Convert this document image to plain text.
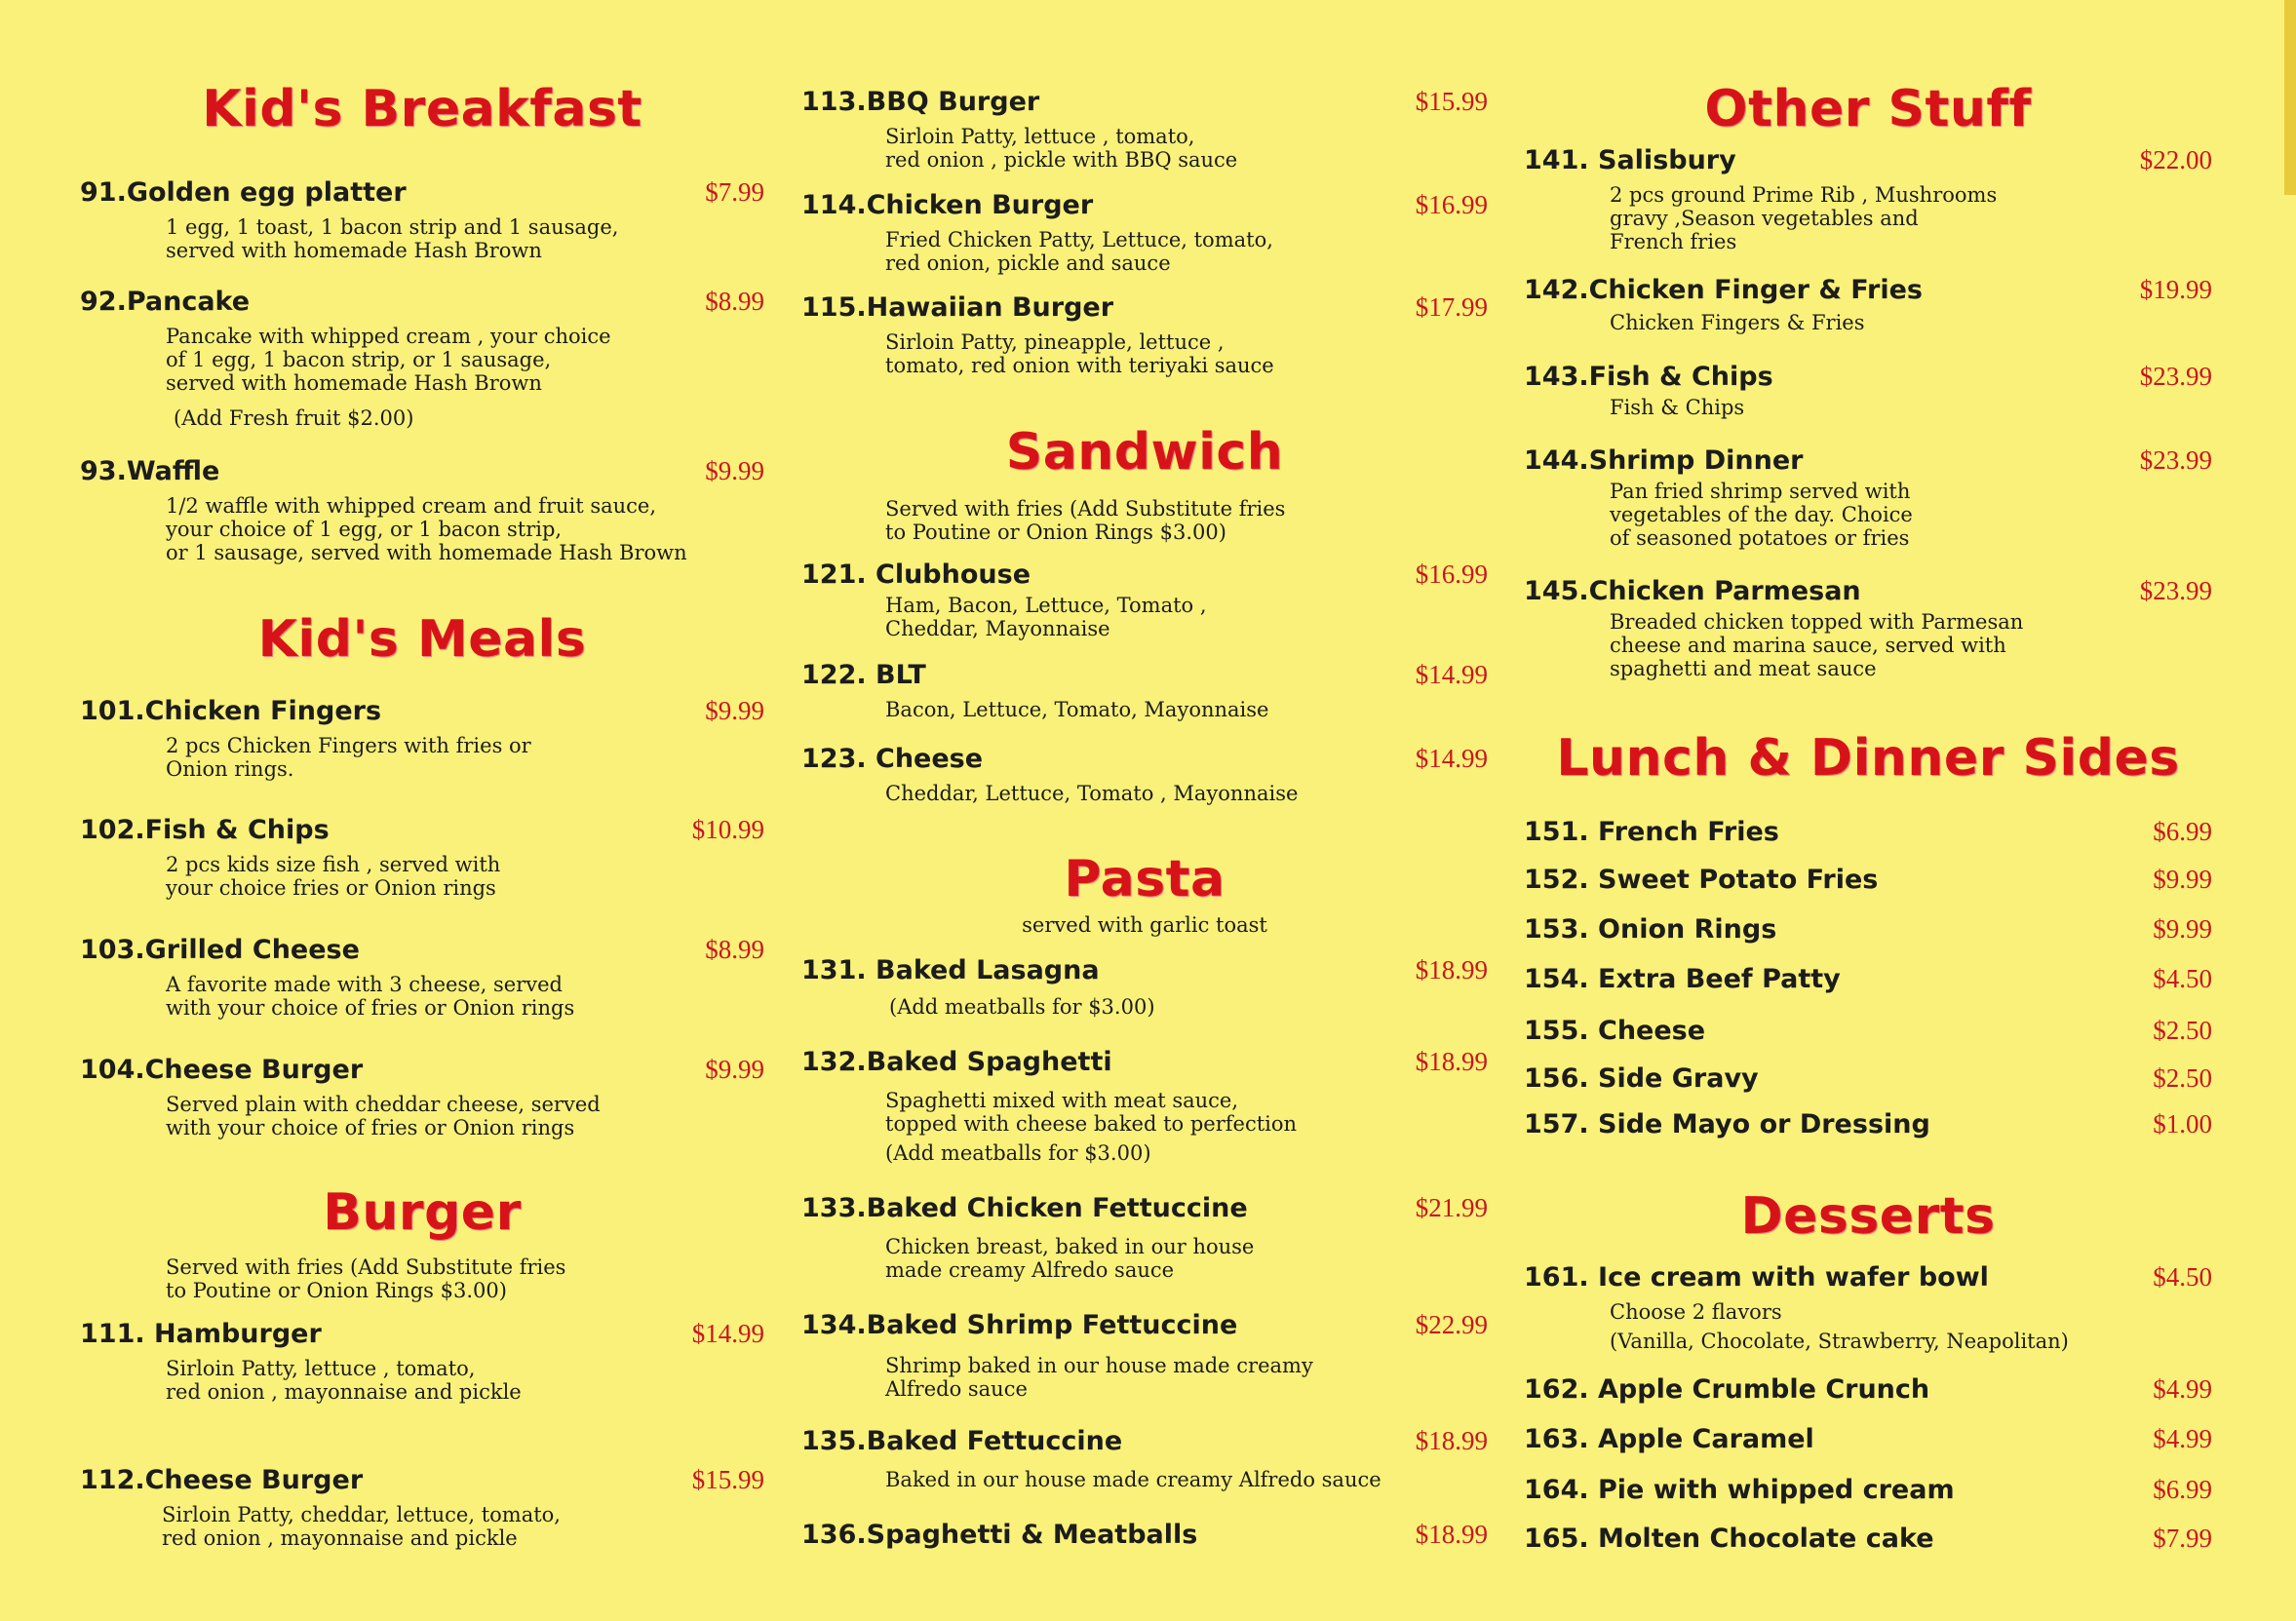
Kid's Breakfast
91.Golden egg platter	$7.99
1 egg, 1 toast, 1 bacon strip and 1 sausage,
served with homemade Hash Brown
92.Pancake	$8.99
Pancake with whipped cream , your choice
of 1 egg, 1 bacon strip, or 1 sausage,
served with homemade Hash Brown
(Add Fresh fruit $2.00)
93.Waffle	$9.99
1/2 waffle with whipped cream and fruit sauce,
your choice of 1 egg, or 1 bacon strip,
or 1 sausage, served with homemade Hash Brown
Kid's Meals
101.Chicken Fingers	$9.99
2 pcs Chicken Fingers with fries or
Onion rings.
102.Fish & Chips	$10.99
2 pcs kids size fish , served with
your choice fries or Onion rings
103.Grilled Cheese	$8.99
A favorite made with 3 cheese, served
with your choice of fries or Onion rings
104.Cheese Burger	$9.99
Served plain with cheddar cheese, served
with your choice of fries or Onion rings
Burger
Served with fries (Add Substitute fries
to Poutine or Onion Rings $3.00)
111. Hamburger	$14.99
Sirloin Patty, lettuce , tomato,
red onion , mayonnaise and pickle
112.Cheese Burger	$15.99
Sirloin Patty, cheddar, lettuce, tomato,
red onion , mayonnaise and pickle
113.BBQ Burger	$15.99
Sirloin Patty, lettuce , tomato,
red onion , pickle with BBQ sauce
114.Chicken Burger	$16.99
Fried Chicken Patty, Lettuce, tomato,
red onion, pickle and sauce
115.Hawaiian Burger	$17.99
Sirloin Patty, pineapple, lettuce ,
tomato, red onion with teriyaki sauce
Sandwich
Served with fries (Add Substitute fries
to Poutine or Onion Rings $3.00)
121. Clubhouse	$16.99
Ham, Bacon, Lettuce, Tomato ,
Cheddar, Mayonnaise
122. BLT	$14.99
Bacon, Lettuce, Tomato, Mayonnaise
123. Cheese	$14.99
Cheddar, Lettuce, Tomato , Mayonnaise
Pasta
served with garlic toast
131. Baked Lasagna	$18.99
(Add meatballs for $3.00)
132.Baked Spaghetti	$18.99
Spaghetti mixed with meat sauce,
topped with cheese baked to perfection
(Add meatballs for $3.00)
133.Baked Chicken Fettuccine	$21.99
Chicken breast, baked in our house
made creamy Alfredo sauce
134.Baked Shrimp Fettuccine	$22.99
Shrimp baked in our house made creamy
Alfredo sauce
135.Baked Fettuccine	$18.99
Baked in our house made creamy Alfredo sauce
136.Spaghetti & Meatballs	$18.99
Other Stuff
141. Salisbury	$22.00
2 pcs ground Prime Rib , Mushrooms
gravy ,Season vegetables and
French fries
142.Chicken Finger & Fries	$19.99
Chicken Fingers & Fries
143.Fish & Chips	$23.99
Fish & Chips
144.Shrimp Dinner	$23.99
Pan fried shrimp served with
vegetables of the day. Choice
of seasoned potatoes or fries
145.Chicken Parmesan	$23.99
Breaded chicken topped with Parmesan
cheese and marina sauce, served with
spaghetti and meat sauce
Lunch & Dinner Sides
151. French Fries	$6.99
152. Sweet Potato Fries	$9.99
153. Onion Rings	$9.99
154. Extra Beef Patty	$4.50
155. Cheese	$2.50
156. Side Gravy	$2.50
157. Side Mayo or Dressing	$1.00
Desserts
161. Ice cream with wafer bowl	$4.50
Choose 2 flavors
(Vanilla, Chocolate, Strawberry, Neapolitan)
162. Apple Crumble Crunch	$4.99
163. Apple Caramel	$4.99
164. Pie with whipped cream	$6.99
165. Molten Chocolate cake	$7.99
